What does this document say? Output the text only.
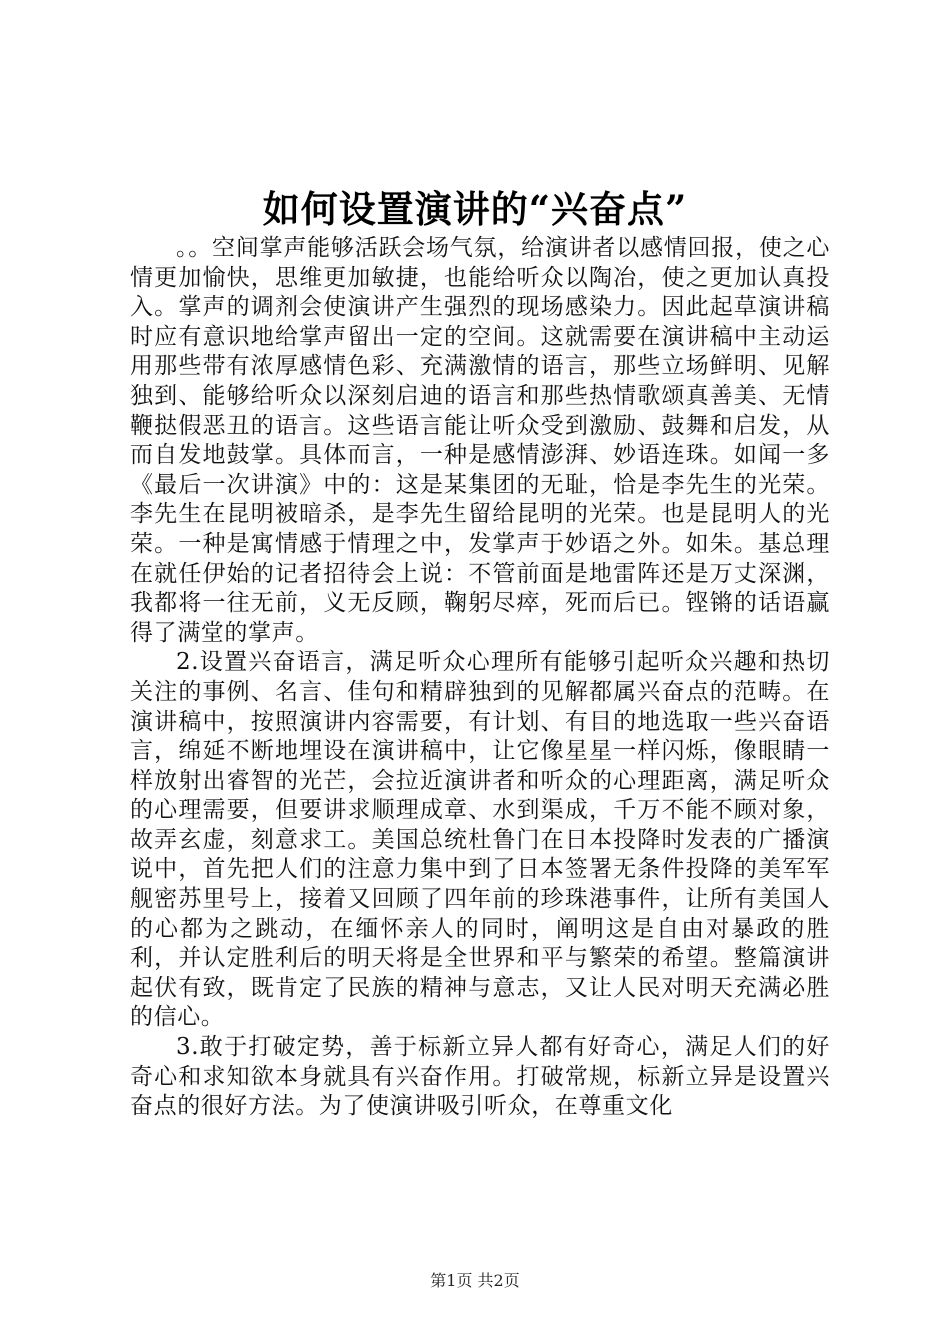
如何设置演讲的“兴奋点”

。。空间掌声能够活跃会场气氛，给演讲者以感情回报，使之心情更加愉快，思维更加敏捷，也能给听众以陶冶，使之更加认真投入。掌声的调剂会使演讲产生强烈的现场感染力。因此起草演讲稿时应有意识地给掌声留出一定的空间。这就需要在演讲稿中主动运用那些带有浓厚感情色彩、充满激情的语言，那些立场鲜明、见解独到、能够给听众以深刻启迪的语言和那些热情歌颂真善美、无情鞭挞假恶丑的语言。这些语言能让听众受到激励、鼓舞和启发，从而自发地鼓掌。具体而言，一种是感情澎湃、妙语连珠。如闻一多《最后一次讲演》中的：这是某集团的无耻，恰是李先生的光荣。李先生在昆明被暗杀，是李先生留给昆明的光荣。也是昆明人的光荣。一种是寓情感于情理之中，发掌声于妙语之外。如朱。基总理在就任伊始的记者招待会上说：不管前面是地雷阵还是万丈深渊，我都将一往无前，义无反顾，鞠躬尽瘁，死而后已。铿锵的话语赢得了满堂的掌声。

2.设置兴奋语言，满足听众心理所有能够引起听众兴趣和热切关注的事例、名言、佳句和精辟独到的见解都属兴奋点的范畴。在演讲稿中，按照演讲内容需要，有计划、有目的地选取一些兴奋语言，绵延不断地埋设在演讲稿中，让它像星星一样闪烁，像眼睛一样放射出睿智的光芒，会拉近演讲者和听众的心理距离，满足听众的心理需要，但要讲求顺理成章、水到渠成，千万不能不顾对象，故弄玄虚，刻意求工。美国总统杜鲁门在日本投降时发表的广播演说中，首先把人们的注意力集中到了日本签署无条件投降的美军军舰密苏里号上，接着又回顾了四年前的珍珠港事件，让所有美国人的心都为之跳动，在缅怀亲人的同时，阐明这是自由对暴政的胜利，并认定胜利后的明天将是全世界和平与繁荣的希望。整篇演讲起伏有致，既肯定了民族的精神与意志，又让人民对明天充满必胜的信心。

3.敢于打破定势，善于标新立异人都有好奇心，满足人们的好奇心和求知欲本身就具有兴奋作用。打破常规，标新立异是设置兴奋点的很好方法。为了使演讲吸引听众，在尊重文化

第1页 共2页
